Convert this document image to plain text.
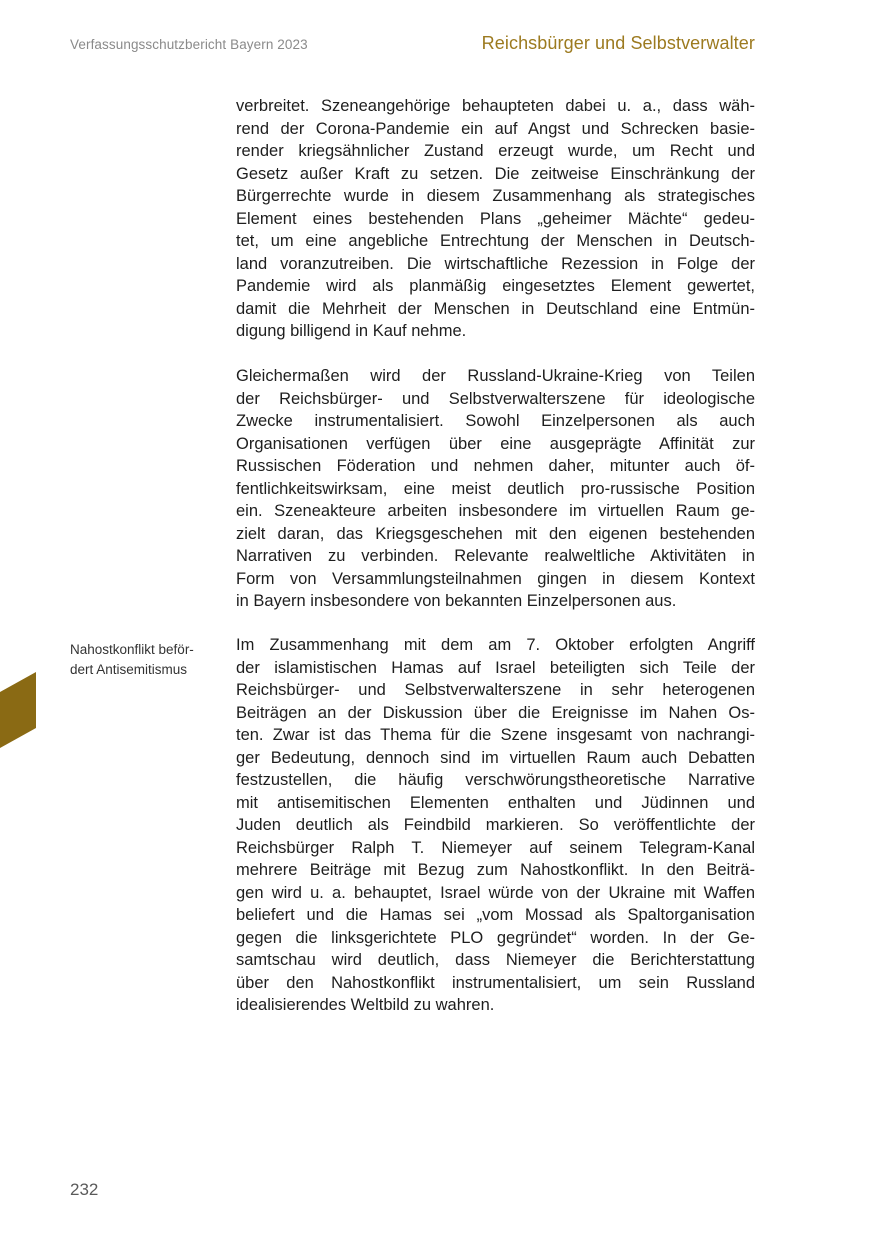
Verfassungsschutzbericht Bayern 2023	Reichsbürger und Selbstverwalter
Nahostkonflikt beför-
dert Antisemitismus
verbreitet. Szeneangehörige behaupteten dabei u. a., dass wäh-
rend der Corona-Pandemie ein auf Angst und Schrecken basie-
render kriegsähnlicher Zustand erzeugt wurde, um Recht und
Gesetz außer Kraft zu setzen. Die zeitweise Einschränkung der
Bürgerrechte wurde in diesem Zusammenhang als strategisches
Element eines bestehenden Plans „geheimer Mächte“ gedeu-
tet, um eine angebliche Entrechtung der Menschen in Deutsch-
land voranzutreiben. Die wirtschaftliche Rezession in Folge der
Pandemie wird als planmäßig eingesetztes Element gewertet,
damit die Mehrheit der Menschen in Deutschland eine Entmün-
digung billigend in Kauf nehme.
Gleichermaßen wird der Russland-Ukraine-Krieg von Teilen
der Reichsbürger- und Selbstverwalterszene für ideologische
Zwecke instrumentalisiert. Sowohl Einzelpersonen als auch
Organisationen verfügen über eine ausgeprägte Affinität zur
Russischen Föderation und nehmen daher, mitunter auch öf-
fentlichkeitswirksam, eine meist deutlich pro-russische Position
ein. Szeneakteure arbeiten insbesondere im virtuellen Raum ge-
zielt daran, das Kriegsgeschehen mit den eigenen bestehenden
Narrativen zu verbinden. Relevante realweltliche Aktivitäten in
Form von Versammlungsteilnahmen gingen in diesem Kontext
in Bayern insbesondere von bekannten Einzelpersonen aus.
Im Zusammenhang mit dem am 7. Oktober erfolgten Angriff
der islamistischen Hamas auf Israel beteiligten sich Teile der
Reichsbürger- und Selbstverwalterszene in sehr heterogenen
Beiträgen an der Diskussion über die Ereignisse im Nahen Os-
ten. Zwar ist das Thema für die Szene insgesamt von nachrangi-
ger Bedeutung, dennoch sind im virtuellen Raum auch Debatten
festzustellen, die häufig verschwörungstheoretische Narrative
mit antisemitischen Elementen enthalten und Jüdinnen und
Juden deutlich als Feindbild markieren. So veröffentlichte der
Reichsbürger Ralph T. Niemeyer auf seinem Telegram-Kanal
mehrere Beiträge mit Bezug zum Nahostkonflikt. In den Beiträ-
gen wird u. a. behauptet, Israel würde von der Ukraine mit Waffen
beliefert und die Hamas sei „vom Mossad als Spaltorganisation
gegen die linksgerichtete PLO gegründet“ worden. In der Ge-
samtschau wird deutlich, dass Niemeyer die Berichterstattung
über den Nahostkonflikt instrumentalisiert, um sein Russland
idealisierendes Weltbild zu wahren.
232
